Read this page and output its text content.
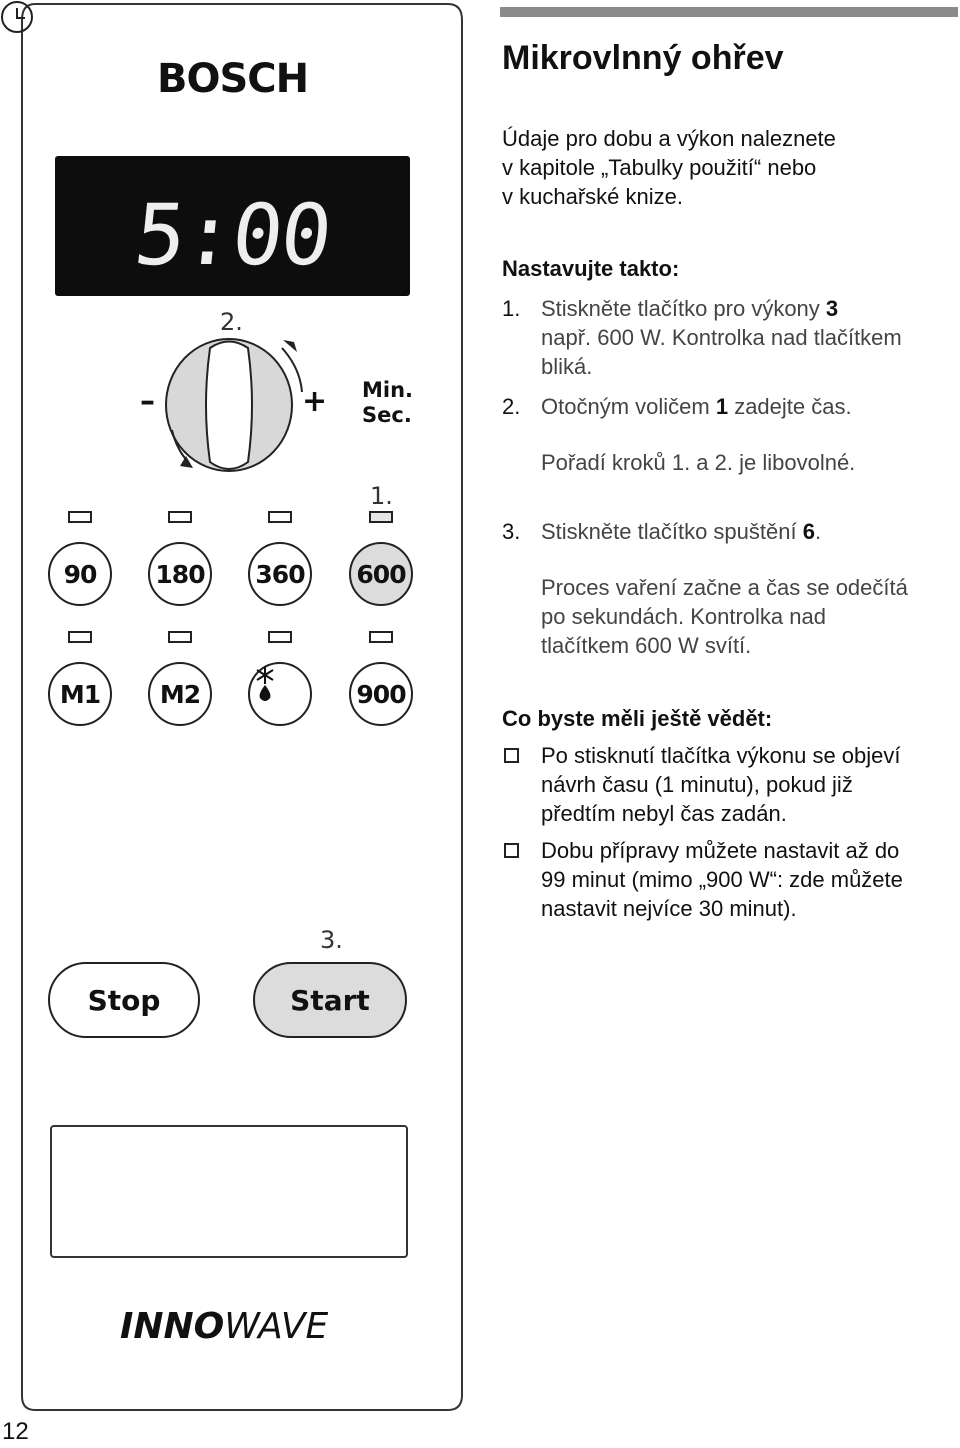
BOSCH
5:00
2.
1.
3.
–	+ Min.
Sec.
90	180 360 600
M1	M2	900
Stop	Start
INNOWAVE
Mikrovlnný ohřev
Údaje pro dobu a výkon naleznete
v kapitole „Tabulky použití“ nebo
v kuchařské knize.
Nastavujte takto:
1. Stiskněte tlačítko pro výkony 3
např. 600 W. Kontrolka nad tlačítkem
bliká.
2. Otočným voličem 1 zadejte čas.
Pořadí kroků 1. a 2. je libovolné.
3. Stiskněte tlačítko spuštění 6.
Proces vaření začne a čas se odečítá
po sekundách. Kontrolka nad
tlačítkem 600 W svítí.
Co byste měli ještě vědět:
Po stisknutí tlačítka výkonu se objeví
návrh času (1 minutu), pokud již
předtím nebyl čas zadán.
Dobu přípravy můžete nastavit až do
99 minut (mimo „900 W“: zde můžete
nastavit nejvíce 30 minut).
12
